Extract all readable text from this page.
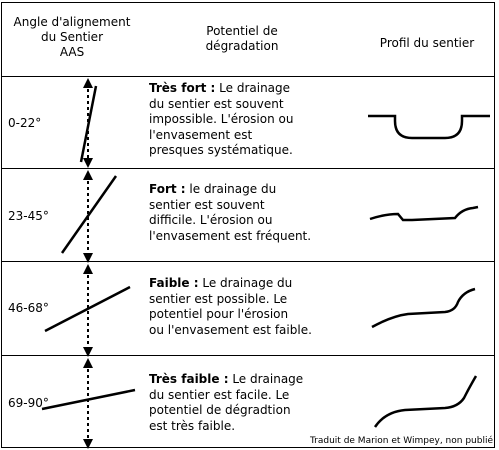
Angle d'alignement
du Sentier
AAS
Potentiel de
dégradation	Profil du sentier
0-22°
Très fort : Le drainage
du sentier est souvent
impossible. L'érosion ou
l'envasement est
presques systématique.
23-45°
Fort : le drainage du
sentier est souvent
difficile. L'érosion ou
l'envasement est fréquent.
46-68°
Faible : Le drainage du
sentier est possible. Le
potentiel pour l'érosion
ou l'envasement est faible.
69-90°
Très faible : Le drainage
du sentier est facile. Le
potentiel de dégradtion
est très faible.
Traduit de Marion et Wimpey, non publié
